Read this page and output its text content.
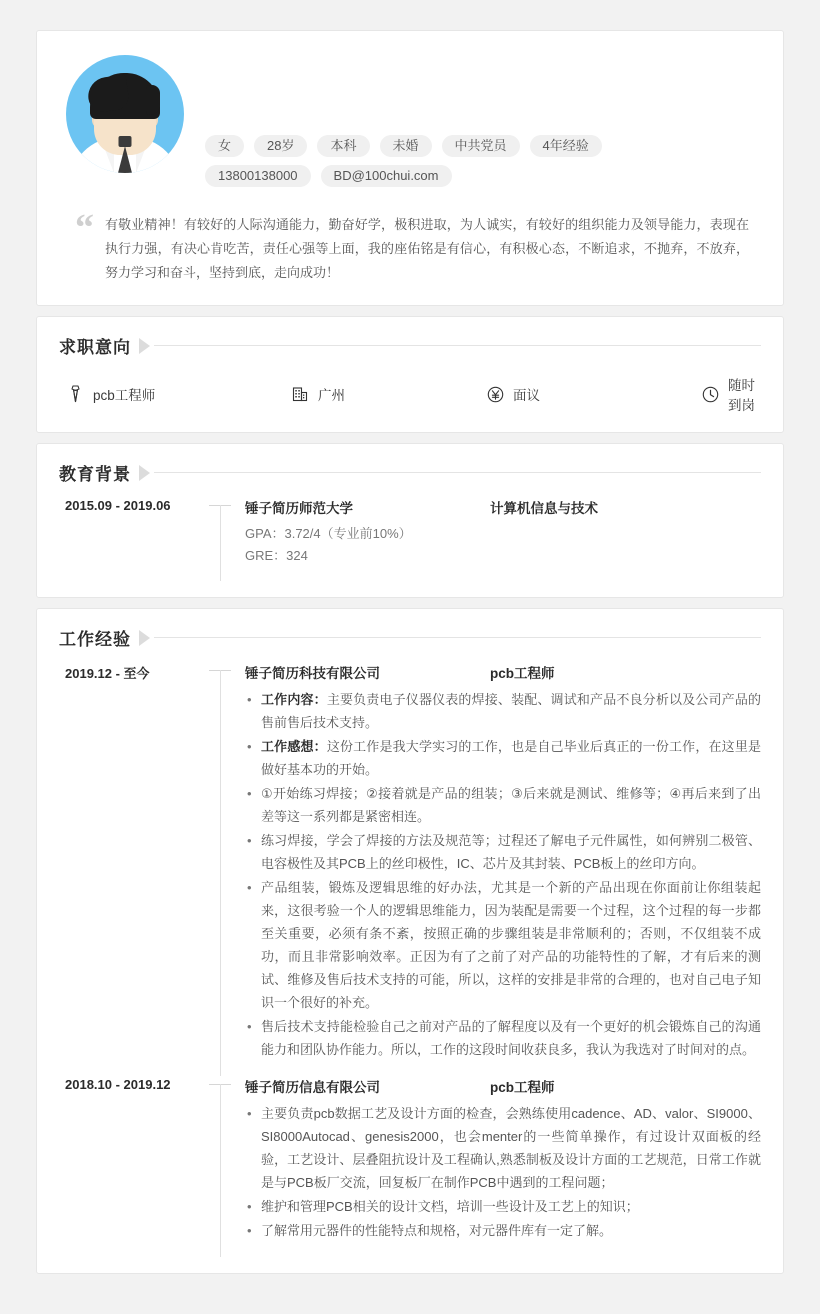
女	28岁	本科	未婚	中共党员	4年经验
13800138000	BD@100chui.com
“ 有敬业精神！有较好的人际沟通能力，勤奋好学，极积进取，为人诚实，有较好的组织能力及领导能力，表现在执行力强，有决心肯吃苦，责任心强等上面，我的座佑铭是有信心，有积极心态，不断追求，不抛弃，不放弃，努力学习和奋斗，坚持到底，走向成功！
求职意向
pcb工程师	广州	面议
随时到岗
教育背景
2015.09 - 2019.06	锤子简历师范大学	计算机信息与技术
GPA：3.72/4（专业前10%）
GRE：324
工作经验
2019.12 - 至今	锤子简历科技有限公司	pcb工程师
• 工作内容：主要负责电子仪器仪表的焊接、装配、调试和产品不良分析以及公司产品的售前售后技术支持。
• 工作感想：这份工作是我大学实习的工作，也是自己毕业后真正的一份工作，在这里是做好基本功的开始。
• ①开始练习焊接；②接着就是产品的组装；③后来就是测试、维修等；④再后来到了出差等这一系列都是紧密相连。
• 练习焊接，学会了焊接的方法及规范等；过程还了解电子元件属性，如何辨别二极管、电容极性及其PCB上的丝印极性，IC、芯片及其封装、PCB板上的丝印方向。
• 产品组装，锻炼及逻辑思维的好办法，尤其是一个新的产品出现在你面前让你组装起来，这很考验一个人的逻辑思维能力，因为装配是需要一个过程，这个过程的每一步都至关重要，必须有条不紊，按照正确的步骤组装是非常顺利的；否则，不仅组装不成功，而且非常影响效率。正因为有了之前了对产品的功能特性的了解，才有后来的测试、维修及售后技术支持的可能，所以，这样的安排是非常的合理的，也对自己电子知识一个很好的补充。
• 售后技术支持能检验自己之前对产品的了解程度以及有一个更好的机会锻炼自己的沟通能力和团队协作能力。所以，工作的这段时间收获良多，我认为我选对了时间对的点。
2018.10 - 2019.12	锤子简历信息有限公司	pcb工程师
• 主要负责pcb数据工艺及设计方面的检查，会熟练使用cadence、AD、valor、SI9000、SI8000Autocad、genesis2000，也会menter的一些简单操作，有过设计双面板的经验，工艺设计、层叠阻抗设计及工程确认,熟悉制板及设计方面的工艺规范，日常工作就是与PCB板厂交流，回复板厂在制作PCB中遇到的工程问题；
• 维护和管理PCB相关的设计文档，培训一些设计及工艺上的知识；
• 了解常用元器件的性能特点和规格，对元器件库有一定了解。
